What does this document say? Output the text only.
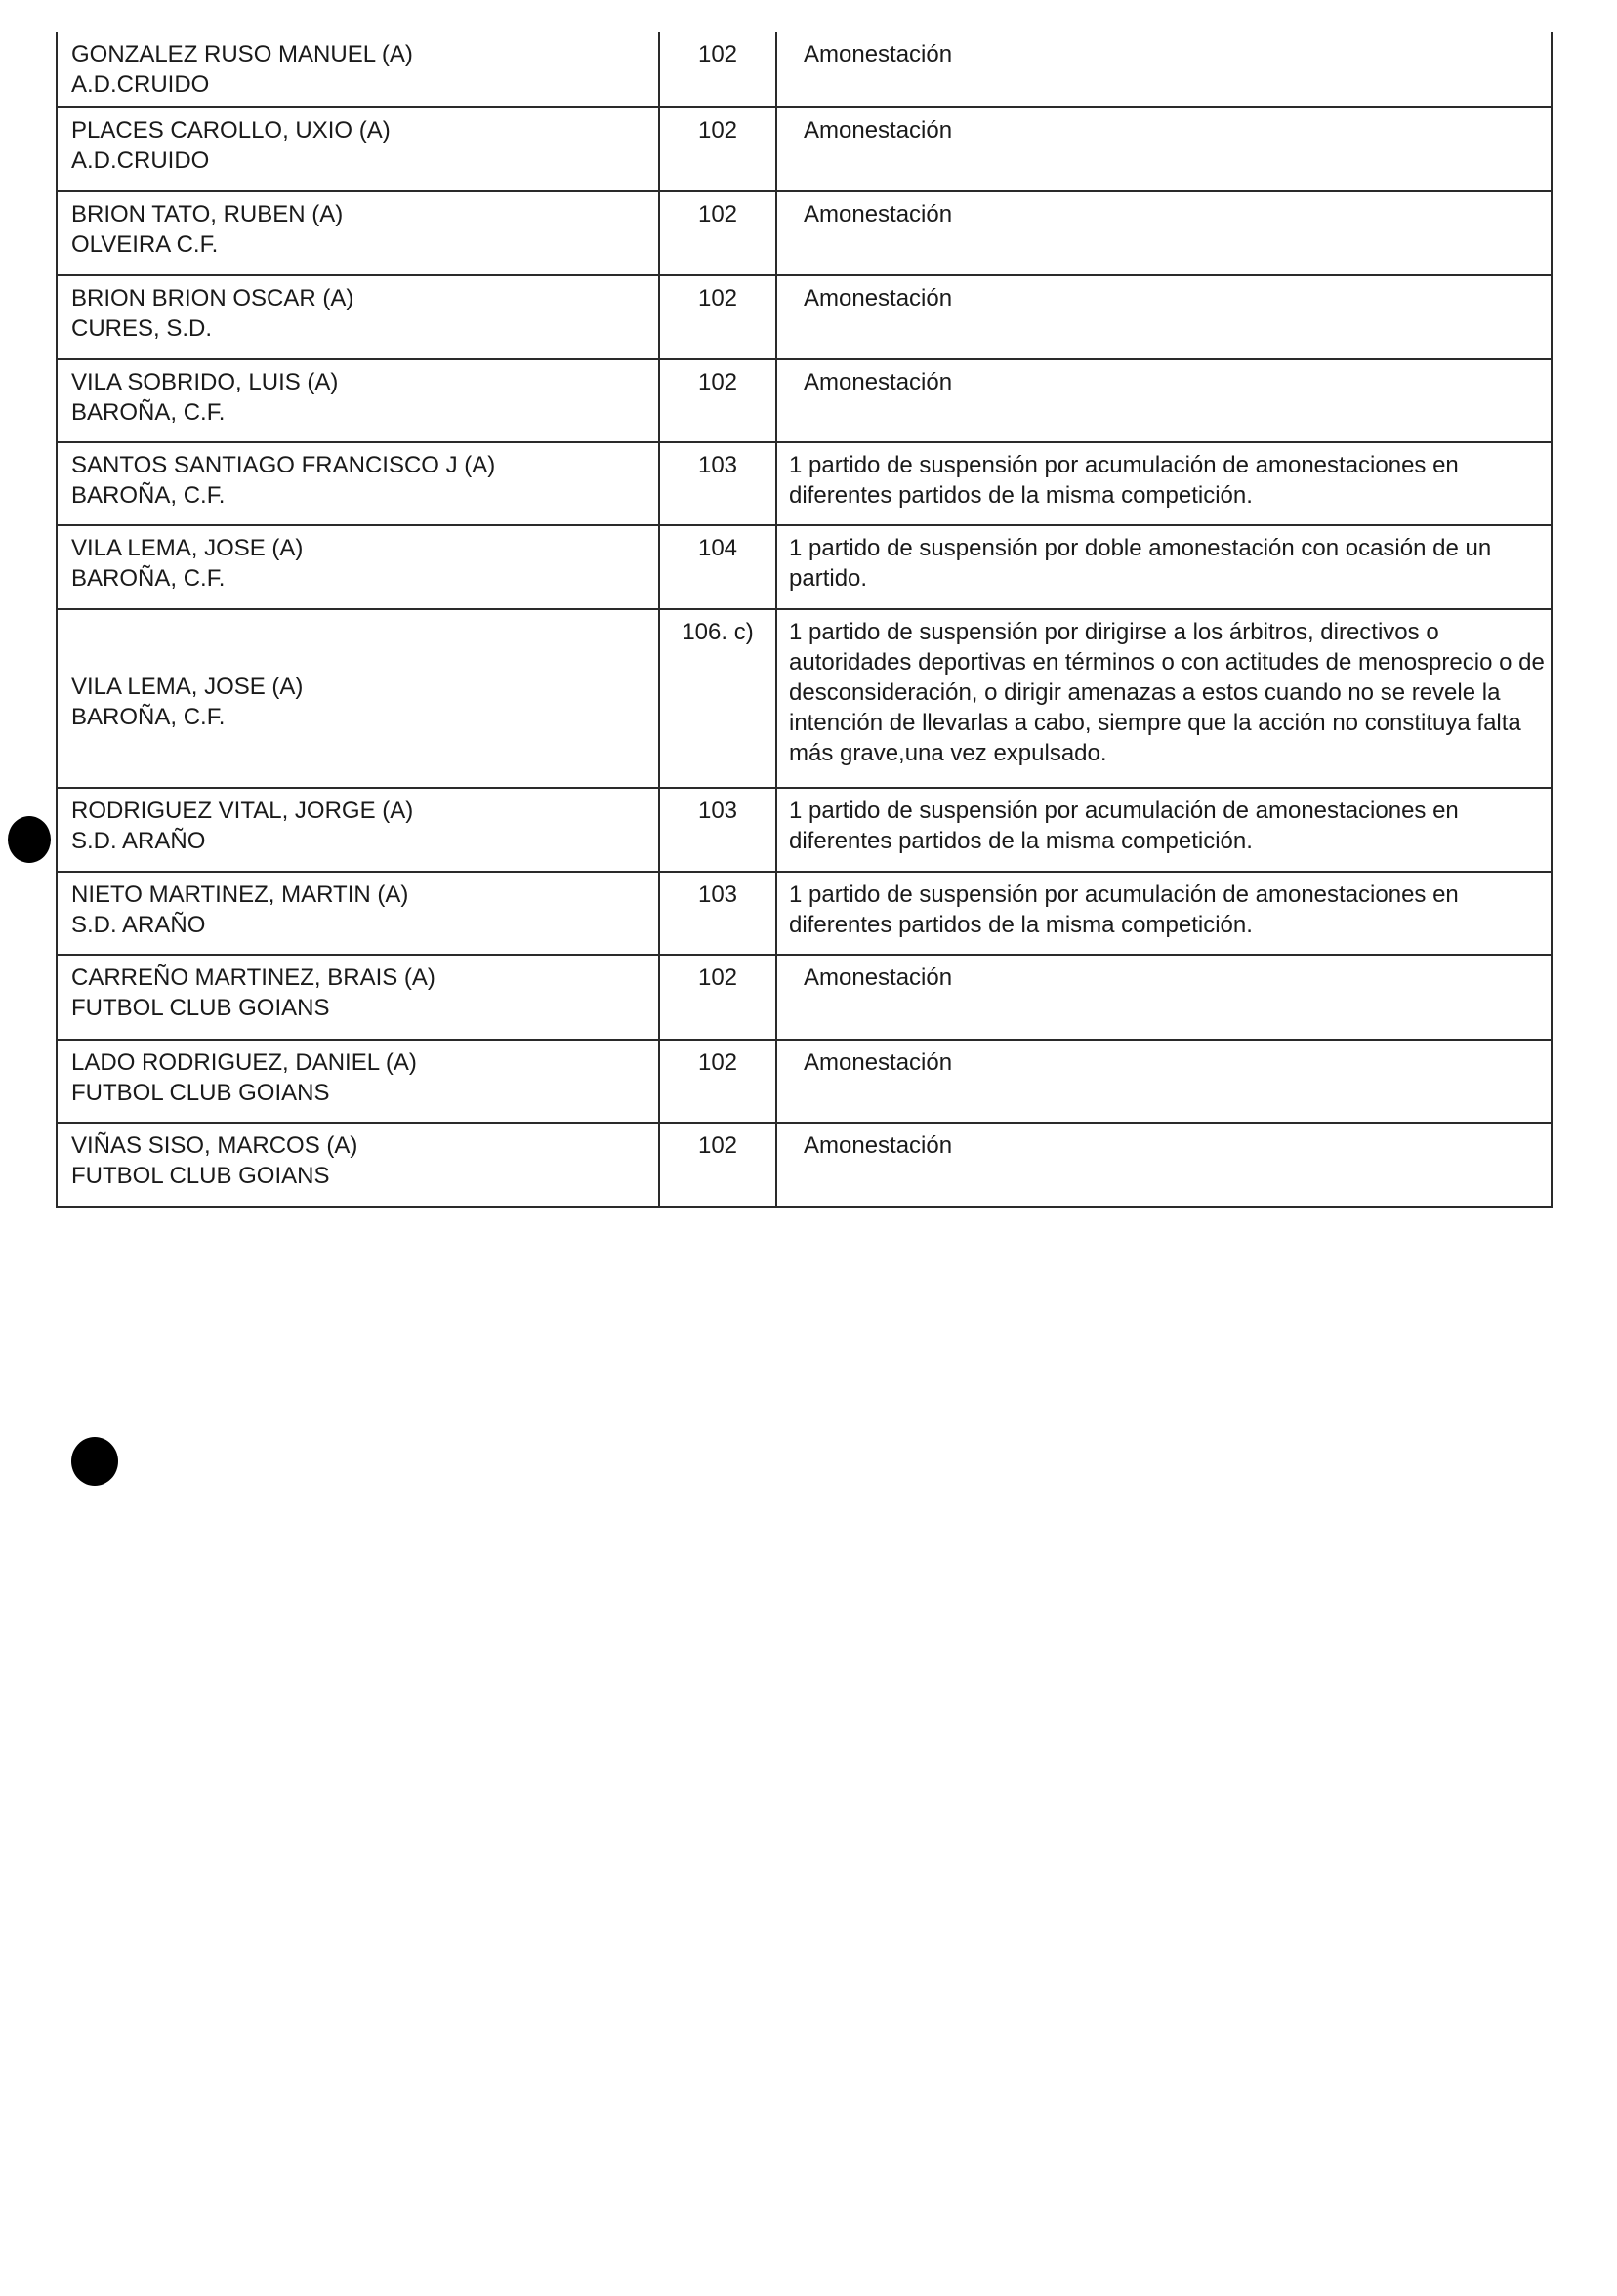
GONZALEZ RUSO MANUEL (A)
A.D.CRUIDO	102	Amonestación

PLACES CAROLLO, UXIO (A)
A.D.CRUIDO	102	Amonestación

BRION TATO, RUBEN (A)
OLVEIRA C.F.	102	Amonestación

BRION BRION OSCAR (A)
CURES, S.D.	102	Amonestación

VILA SOBRIDO, LUIS (A)
BAROÑA, C.F.	102	Amonestación

SANTOS SANTIAGO FRANCISCO J (A)
BAROÑA, C.F.	103	1 partido de suspensión por acumulación de amonestaciones en diferentes partidos de la misma competición.

VILA LEMA, JOSE (A)
BAROÑA, C.F.	104	1 partido de suspensión por doble amonestación con ocasión de un partido.

VILA LEMA, JOSE (A)
BAROÑA, C.F.	106. c)	1 partido de suspensión por dirigirse a los árbitros, directivos o autoridades deportivas en términos o con actitudes de menosprecio o de desconsideración, o dirigir amenazas a estos cuando no se revele la intención de llevarlas a cabo, siempre que la acción no constituya falta más grave,una vez expulsado.

RODRIGUEZ VITAL, JORGE (A)
S.D. ARAÑO	103	1 partido de suspensión por acumulación de amonestaciones en diferentes partidos de la misma competición.

NIETO MARTINEZ, MARTIN (A)
S.D. ARAÑO	103	1 partido de suspensión por acumulación de amonestaciones en diferentes partidos de la misma competición.

CARREÑO MARTINEZ, BRAIS (A)
FUTBOL CLUB GOIANS	102	Amonestación

LADO RODRIGUEZ, DANIEL (A)
FUTBOL CLUB GOIANS	102	Amonestación

VIÑAS SISO, MARCOS (A)
FUTBOL CLUB GOIANS	102	Amonestación
